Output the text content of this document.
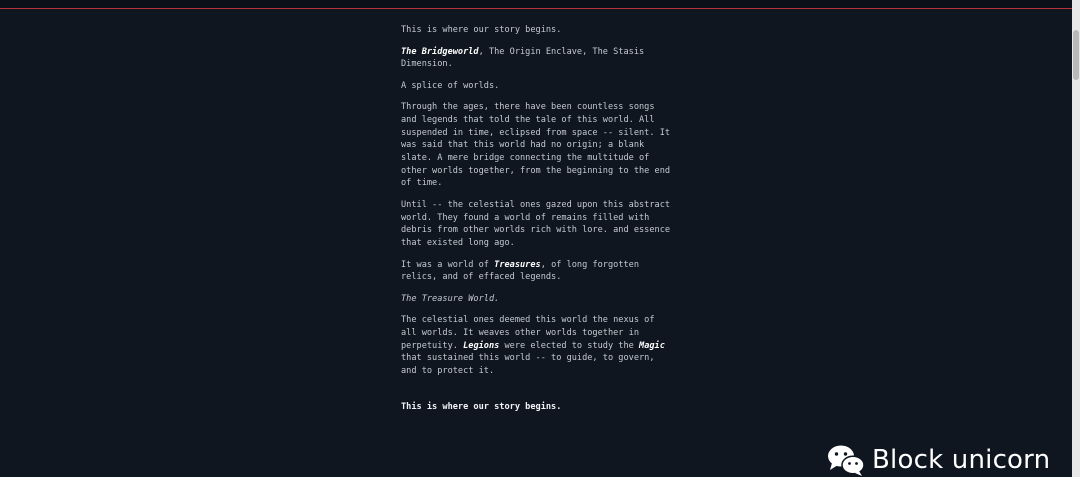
This is where our story begins.

The Bridgeworld, The Origin Enclave, The Stasis Dimension.

A splice of worlds.

Through the ages, there have been countless songs and legends that told the tale of this world. All suspended in time, eclipsed from space -- silent. It was said that this world had no origin; a blank slate. A mere bridge connecting the multitude of other worlds together, from the beginning to the end of time.

Until -- the celestial ones gazed upon this abstract world. They found a world of remains filled with debris from other worlds rich with lore. and essence that existed long ago.

It was a world of Treasures, of long forgotten relics, and of effaced legends.

The Treasure World.

The celestial ones deemed this world the nexus of all worlds. It weaves other worlds together in perpetuity. Legions were elected to study the Magic that sustained this world -- to guide, to govern, and to protect it.

This is where our story begins.

Block unicorn
